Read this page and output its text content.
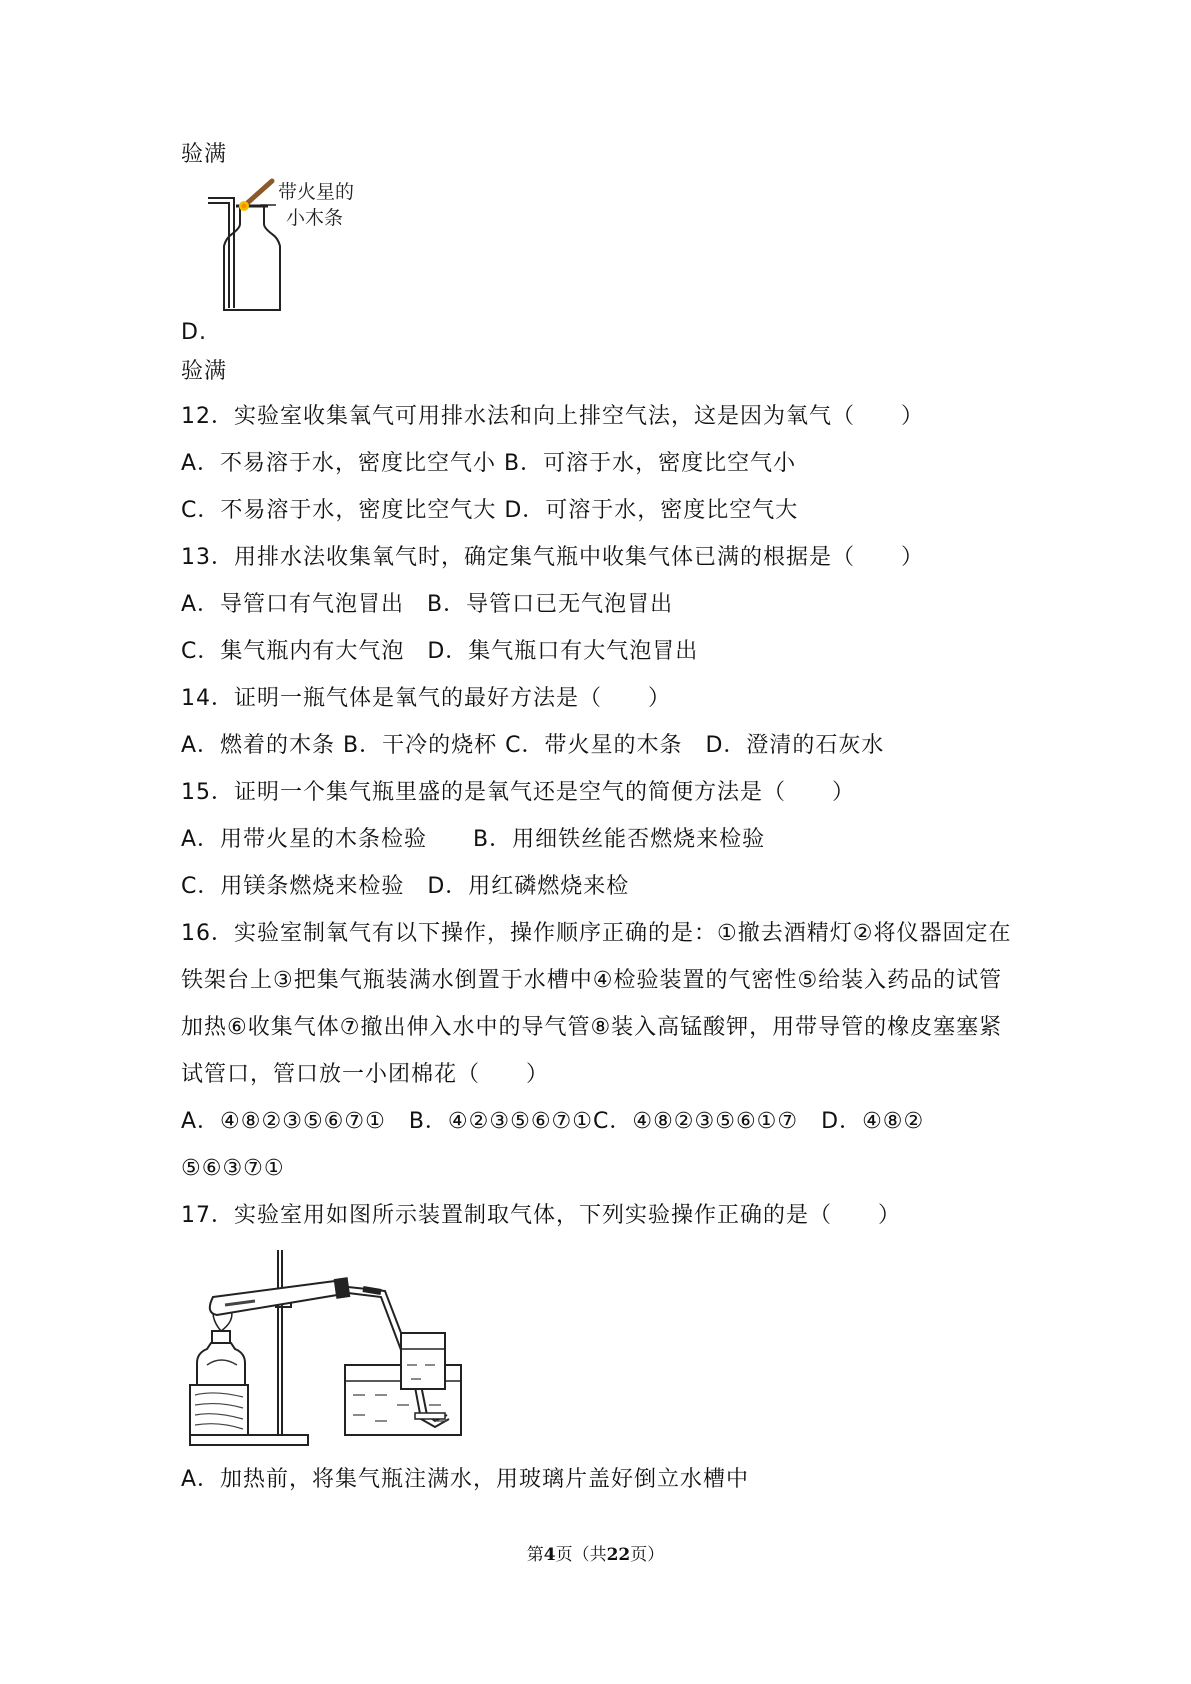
验满
带火星的
小木条
D.
验满
12．实验室收集氧气可用排水法和向上排空气法，这是因为氧气（　　）
A．不易溶于水，密度比空气小 B．可溶于水，密度比空气小
C．不易溶于水，密度比空气大 D．可溶于水，密度比空气大
13．用排水法收集氧气时，确定集气瓶中收集气体已满的根据是（　　）
A．导管口有气泡冒出　B．导管口已无气泡冒出
C．集气瓶内有大气泡　D．集气瓶口有大气泡冒出
14．证明一瓶气体是氧气的最好方法是（　　）
A．燃着的木条 B．干冷的烧杯 C．带火星的木条　D．澄清的石灰水
15．证明一个集气瓶里盛的是氧气还是空气的简便方法是（　　）
A．用带火星的木条检验　　B．用细铁丝能否燃烧来检验
C．用镁条燃烧来检验　D．用红磷燃烧来检
16．实验室制氧气有以下操作，操作顺序正确的是：①撤去酒精灯②将仪器固定在铁架台上③把集气瓶装满水倒置于水槽中④检验装置的气密性⑤给装入药品的试管加热⑥收集气体⑦撤出伸入水中的导气管⑧装入高锰酸钾，用带导管的橡皮塞塞紧试管口，管口放一小团棉花（　　）
A．④⑧②③⑤⑥⑦①　B．④②③⑤⑥⑦①C．④⑧②③⑤⑥①⑦　D．④⑧②
⑤⑥③⑦①
17．实验室用如图所示装置制取气体，下列实验操作正确的是（　　）
A．加热前，将集气瓶注满水，用玻璃片盖好倒立水槽中
第4页（共22页）
